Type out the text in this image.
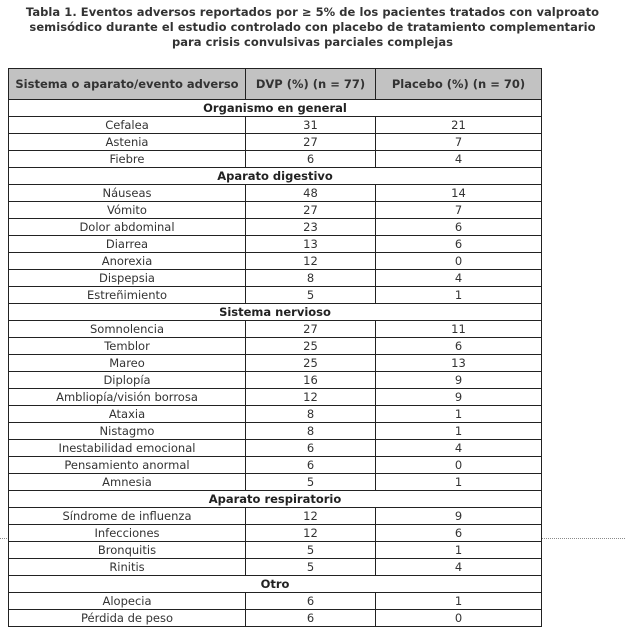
Tabla 1. Eventos adversos reportados por ≥ 5% de los pacientes tratados con valproato
semisódico durante el estudio controlado con placebo de tratamiento complementario
para crisis convulsivas parciales complejas
Sistema o aparato/evento adverso	DVP (%) (n = 77)	Placebo (%) (n = 70)
Organismo en general		
Cefalea	31	21
Astenia	27	7
Fiebre	6	4
Aparato digestivo		
Náuseas	48	14
Vómito	27	7
Dolor abdominal	23	6
Diarrea	13	6
Anorexia	12	0
Dispepsia	8	4
Estreñimiento	5	1
Sistema nervioso		
Somnolencia	27	11
Temblor	25	6
Mareo	25	13
Diplopía	16	9
Ambliopía/visión borrosa	12	9
Ataxia	8	1
Nistagmo	8	1
Inestabilidad emocional	6	4
Pensamiento anormal	6	0
Amnesia	5	1
Aparato respiratorio		
Síndrome de influenza	12	9
Infecciones	12	6
Bronquitis	5	1
Rinitis	5	4
Otro		
Alopecia	6	1
Pérdida de peso	6	0
